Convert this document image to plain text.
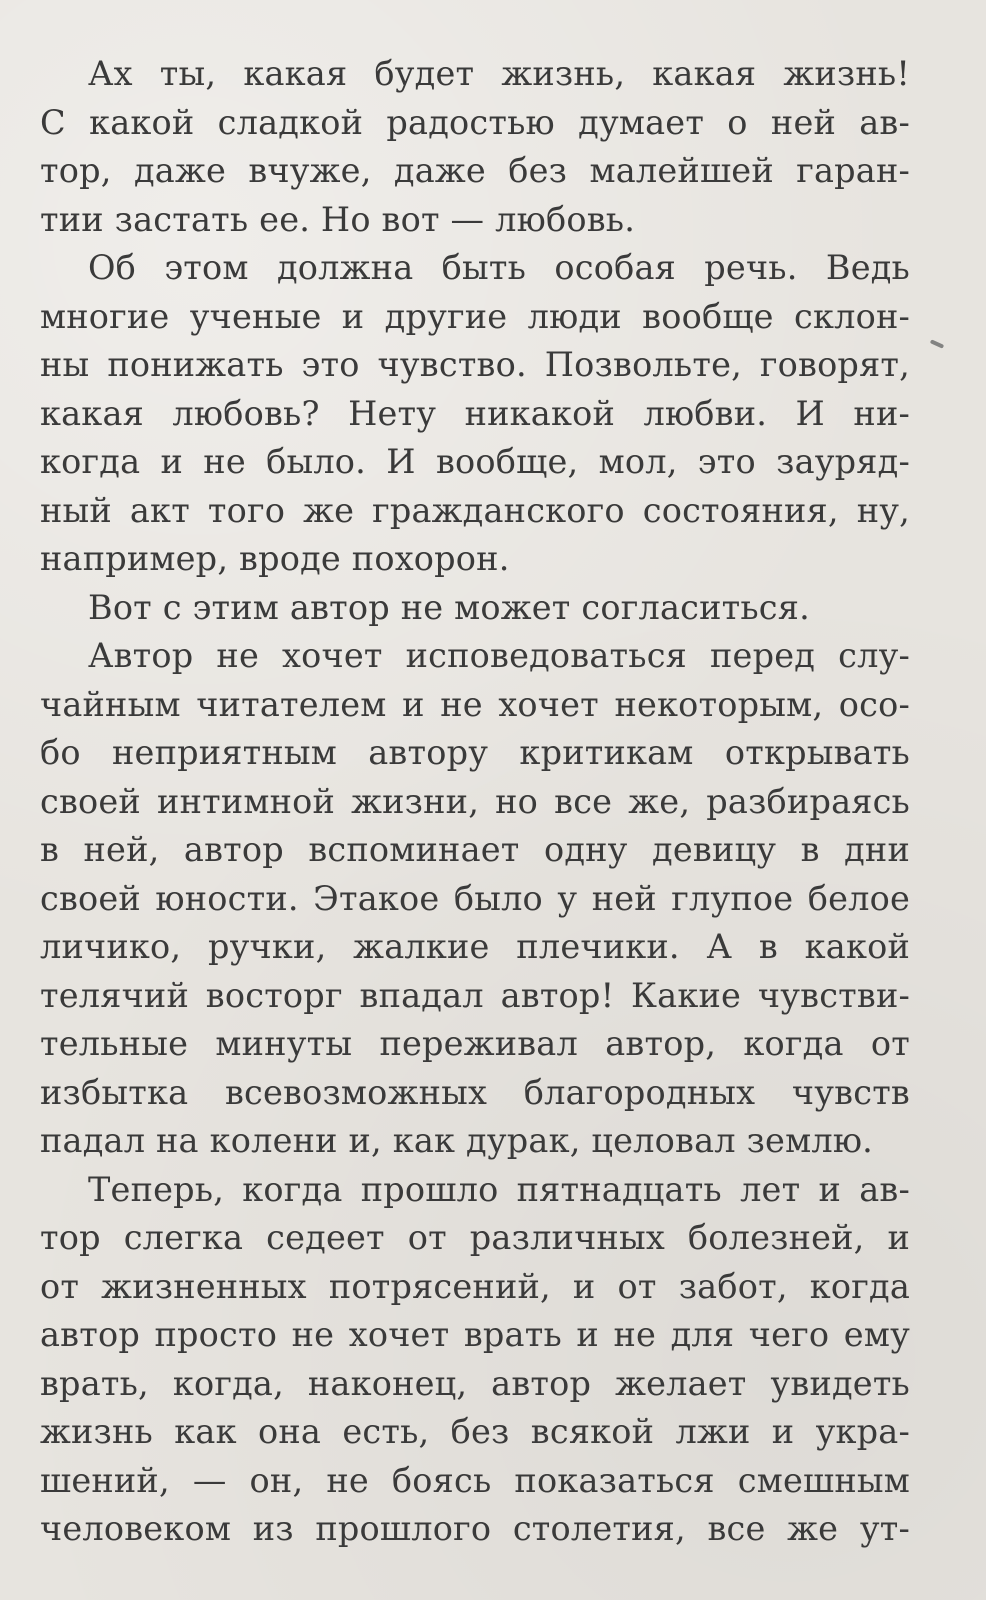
Ах ты, какая будет жизнь, какая жизнь!
С какой сладкой радостью думает о ней ав-
тор, даже вчуже, даже без малейшей гаран-
тии застать ее. Но вот — любовь.
Об этом должна быть особая речь. Ведь
многие ученые и другие люди вообще склон-
ны понижать это чувство. Позвольте, говорят,
какая любовь? Нету никакой любви. И ни-
когда и не было. И вообще, мол, это зауряд-
ный акт того же гражданского состояния, ну,
например, вроде похорон.
Вот с этим автор не может согласиться.
Автор не хочет исповедоваться перед слу-
чайным читателем и не хочет некоторым, осо-
бо неприятным автору критикам открывать
своей интимной жизни, но все же, разбираясь
в ней, автор вспоминает одну девицу в дни
своей юности. Этакое было у ней глупое белое
личико, ручки, жалкие плечики. А в какой
телячий восторг впадал автор! Какие чувстви-
тельные минуты переживал автор, когда от
избытка всевозможных благородных чувств
падал на колени и, как дурак, целовал землю.
Теперь, когда прошло пятнадцать лет и ав-
тор слегка седеет от различных болезней, и
от жизненных потрясений, и от забот, когда
автор просто не хочет врать и не для чего ему
врать, когда, наконец, автор желает увидеть
жизнь как она есть, без всякой лжи и укра-
шений, — он, не боясь показаться смешным
человеком из прошлого столетия, все же ут-
